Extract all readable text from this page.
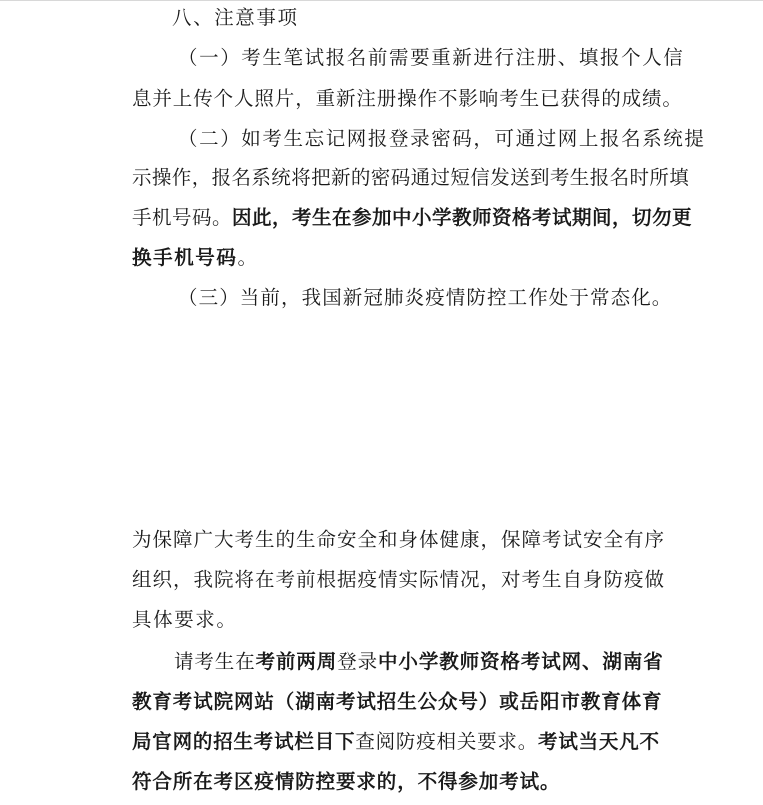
八、注意事项
（一）考生笔试报名前需要重新进行注册、填报个人信
息并上传个人照片，重新注册操作不影响考生已获得的成绩。
（二）如考生忘记网报登录密码，可通过网上报名系统提
示操作，报名系统将把新的密码通过短信发送到考生报名时所填
手机号码。因此，考生在参加中小学教师资格考试期间，切勿更
换手机号码。
（三）当前，我国新冠肺炎疫情防控工作处于常态化。
为保障广大考生的生命安全和身体健康，保障考试安全有序
组织，我院将在考前根据疫情实际情况，对考生自身防疫做
具体要求。
请考生在考前两周登录中小学教师资格考试网、湖南省
教育考试院网站（湖南考试招生公众号）或岳阳市教育体育
局官网的招生考试栏目下查阅防疫相关要求。考试当天凡不
符合所在考区疫情防控要求的，不得参加考试。
